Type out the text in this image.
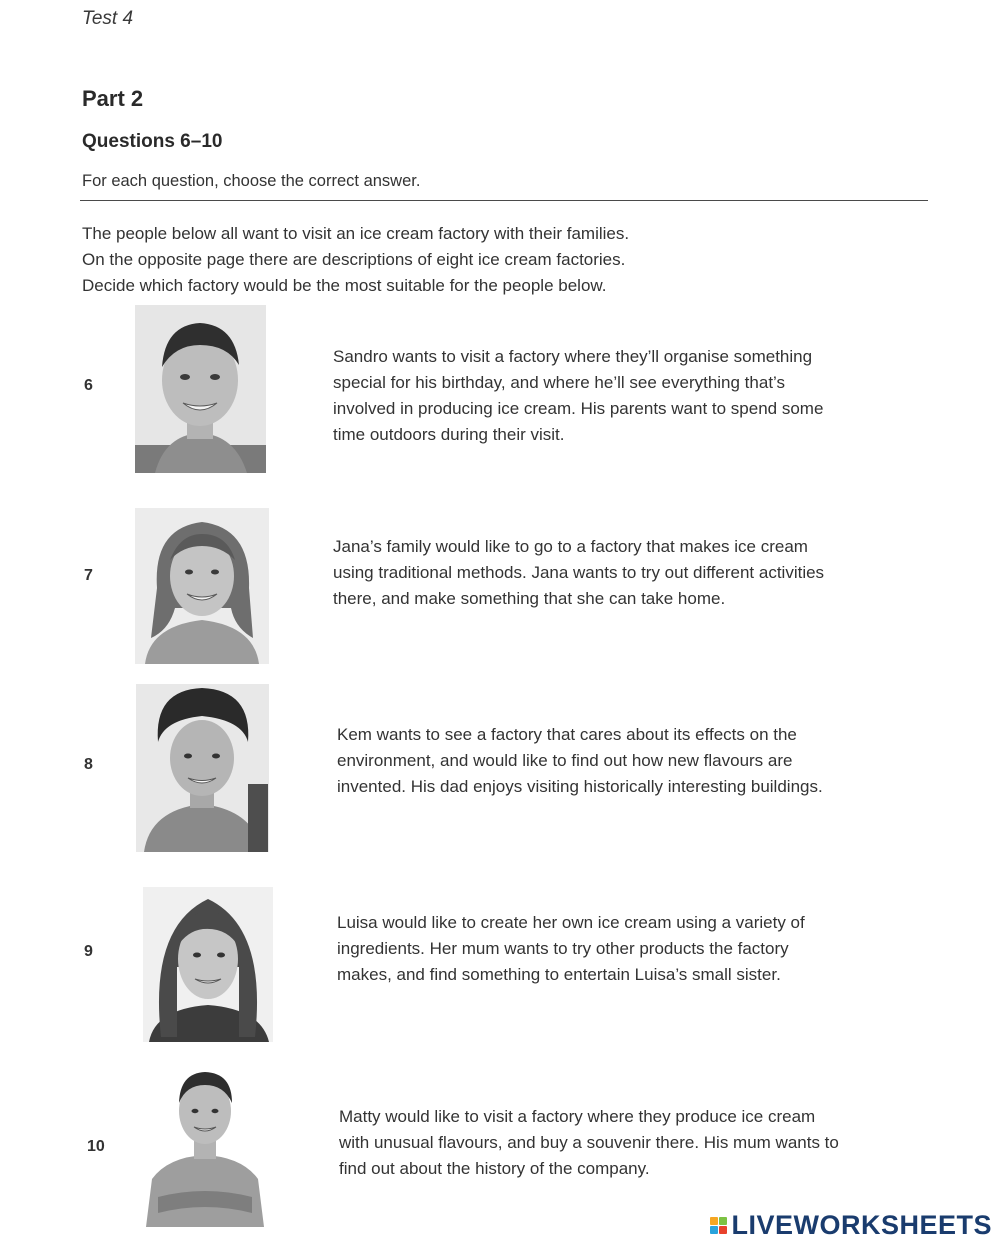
Test 4
Part 2
Questions 6–10
For each question, choose the correct answer.
The people below all want to visit an ice cream factory with their families.
On the opposite page there are descriptions of eight ice cream factories.
Decide which factory would be the most suitable for the people below.
6
Sandro wants to visit a factory where they’ll organise something
special for his birthday, and where he’ll see everything that’s
involved in producing ice cream. His parents want to spend some
time outdoors during their visit.
7
Jana’s family would like to go to a factory that makes ice cream
using traditional methods. Jana wants to try out different activities
there, and make something that she can take home.
8
Kem wants to see a factory that cares about its effects on the
environment, and would like to find out how new flavours are
invented. His dad enjoys visiting historically interesting buildings.
9
Luisa would like to create her own ice cream using a variety of
ingredients. Her mum wants to try other products the factory
makes, and find something to entertain Luisa’s small sister.
10
Matty would like to visit a factory where they produce ice cream
with unusual flavours, and buy a souvenir there. His mum wants to
find out about the history of the company.
LIVEWORKSHEETS
